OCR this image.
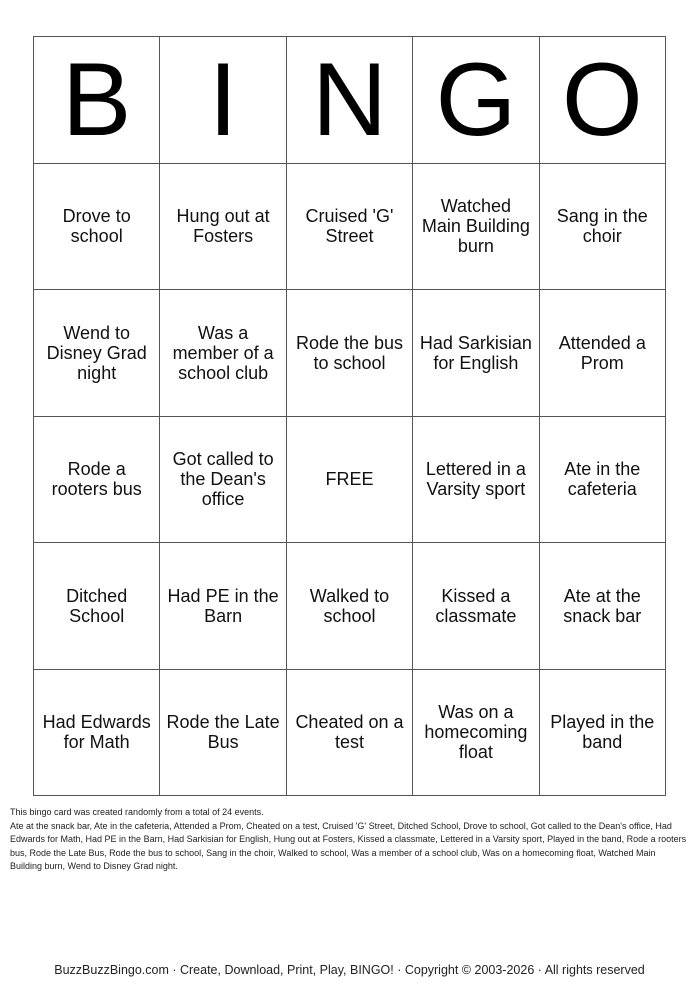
B I N G O
Drove to school
Hung out at Fosters
Cruised 'G' Street
Watched Main Building burn
Sang in the choir
Wend to Disney Grad night
Was a member of a school club
Rode the bus to school
Had Sarkisian for English
Attended a Prom
Rode a rooters bus
Got called to the Dean's office
FREE	Lettered in a Varsity sport
Ate in the cafeteria
Ditched School
Had PE in the Barn
Walked to school
Kissed a classmate
Ate at the snack bar
Had Edwards for Math
Rode the Late Bus
Cheated on a test
Was on a homecoming float
Played in the band

This bingo card was created randomly from a total of 24 events.

Ate at the snack bar, Ate in the cafeteria, Attended a Prom, Cheated on a test, Cruised 'G' Street, Ditched School, Drove to school, Got called to the Dean's office, Had Edwards for Math, Had PE in the Barn, Had Sarkisian for English, Hung out at Fosters, Kissed a classmate, Lettered in a Varsity sport, Played in the band, Rode a rooters bus, Rode the Late Bus, Rode the bus to school, Sang in the choir, Walked to school, Was a member of a school club, Was on a homecoming float, Watched Main Building burn, Wend to Disney Grad night.

BuzzBuzzBingo.com · Create, Download, Print, Play, BINGO! · Copyright © 2003-2026 · All rights reserved
